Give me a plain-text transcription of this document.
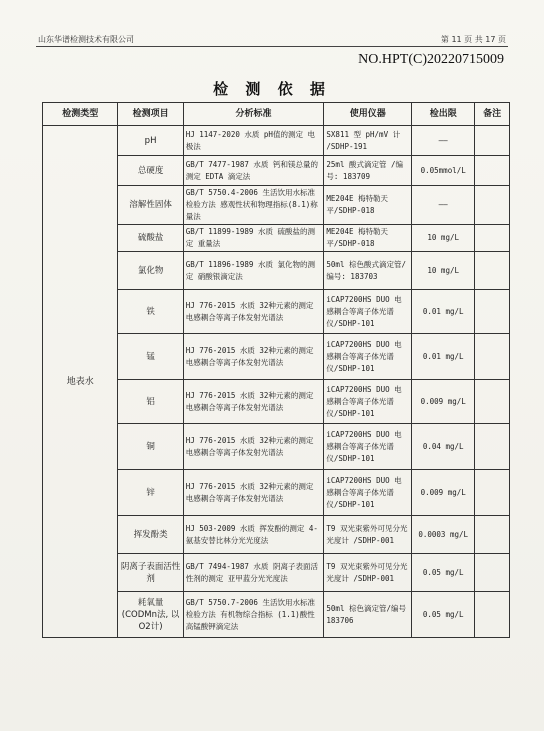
山东华谱检测技术有限公司	第 11 页 共 17 页
NO.HPT(C)20220715009
检 测 依 据
检测类型	检测项目	分析标准	使用仪器	检出限	备注
地表水	pH	HJ 1147-2020 水质 pH值的测定 电极法	SX811 型 pH/mV 计 /SDHP-191	——	
	总硬度	GB/T 7477-1987 水质 钙和镁总量的测定 EDTA 滴定法	25ml 酸式滴定管 /编号: 183709	0.05mmol/L	
	溶解性固体	GB/T 5750.4-2006 生活饮用水标准检验方法 感观性状和物理指标(8.1)称量法	ME204E 梅特勒天平/SDHP-018	——	
	硫酸盐	GB/T 11899-1989 水质 硫酸盐的测定 重量法	ME204E 梅特勒天平/SDHP-018	10 mg/L	
	氯化物	GB/T 11896-1989 水质 氯化物的测定 硝酸银滴定法	50ml 棕色酸式滴定管/编号: 183703	10 mg/L	
	铁	HJ 776-2015 水质 32种元素的测定 电感耦合等离子体发射光谱法	iCAP7200HS DUO 电感耦合等离子体光谱仪/SDHP-101	0.01 mg/L	
	锰	HJ 776-2015 水质 32种元素的测定 电感耦合等离子体发射光谱法	iCAP7200HS DUO 电感耦合等离子体光谱仪/SDHP-101	0.01 mg/L	
	铝	HJ 776-2015 水质 32种元素的测定 电感耦合等离子体发射光谱法	iCAP7200HS DUO 电感耦合等离子体光谱仪/SDHP-101	0.009 mg/L	
	铜	HJ 776-2015 水质 32种元素的测定 电感耦合等离子体发射光谱法	iCAP7200HS DUO 电感耦合等离子体光谱仪/SDHP-101	0.04 mg/L	
	锌	HJ 776-2015 水质 32种元素的测定 电感耦合等离子体发射光谱法	iCAP7200HS DUO 电感耦合等离子体光谱仪/SDHP-101	0.009 mg/L	
	挥发酚类	HJ 503-2009 水质 挥发酚的测定 4-氨基安替比林分光光度法	T9 双光束紫外可见分光光度计 /SDHP-001	0.0003 mg/L	
	阴离子表面活性剂	GB/T 7494-1987 水质 阴离子表面活性剂的测定 亚甲蓝分光光度法	T9 双光束紫外可见分光光度计 /SDHP-001	0.05 mg/L	
	耗氧量(CODMn法, 以O2计)	GB/T 5750.7-2006 生活饮用水标准检验方法 有机物综合指标 (1.1)酸性高锰酸钾滴定法	50ml 棕色滴定管/编号 183706	0.05 mg/L	
